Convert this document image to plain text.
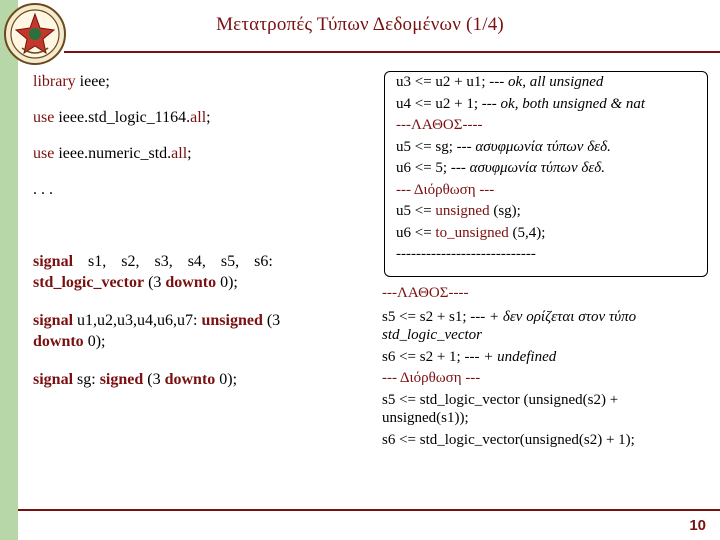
Μετατροπές Τύπων Δεδομένων (1/4)

library ieee;

use ieee.std_logic_1164.all;

use ieee.numeric_std.all;

. . .

signal s1, s2, s3, s4, s5, s6:
std_logic_vector (3 downto 0);

signal u1,u2,u3,u4,u6,u7: unsigned (3
downto 0);

signal sg: signed (3 downto 0);

u3 <= u2 + u1; --- ok, all unsigned
u4 <= u2 + 1; --- ok, both unsigned & nat
---ΛΑΘΟΣ----
u5 <= sg; --- ασυφμωνία τύπων δεδ.
u6 <= 5; --- ασυφμωνία τύπων δεδ.
--- Διόρθωση ---
u5 <= unsigned (sg);
u6 <= to_unsigned (5,4);
----------------------------

---ΛΑΘΟΣ----

s5 <= s2 + s1; --- + δεν ορίζεται στον τύπο

std_logic_vector

s6 <= s2 + 1; --- + undefined

--- Διόρθωση ---

s5 <= std_logic_vector (unsigned(s2) +

unsigned(s1));

s6 <= std_logic_vector(unsigned(s2) + 1);

10
